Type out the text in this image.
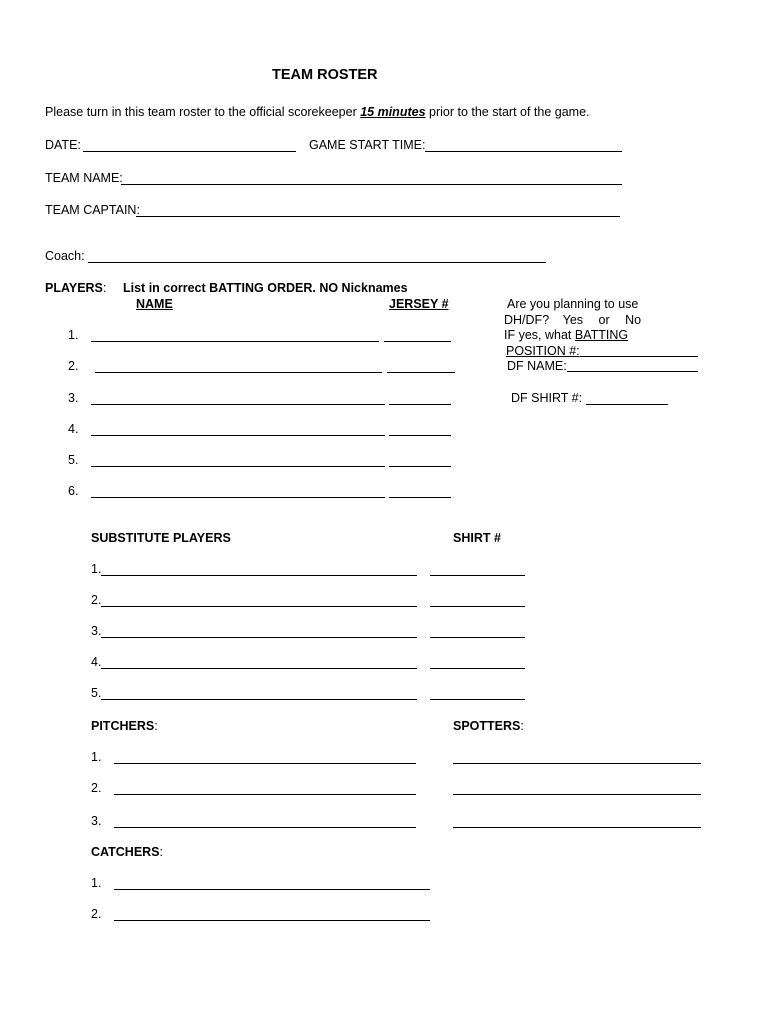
TEAM ROSTER
Please turn in this team roster to the official scorekeeper 15 minutes prior to the start of the game.
DATE:	GAME START TIME:
TEAM NAME:
TEAM CAPTAIN:
Coach:
PLAYERS: List in correct BATTING ORDER. NO Nicknames
NAME	JERSEY #
1.
2.
3.
4.
5.
6.
Are you planning to use
DH/DF? Yes or No
IF yes, what BATTING
POSITION #:
DF NAME:
DF SHIRT #:
SUBSTITUTE PLAYERS	SHIRT #
1.
2.
3.
4.
5.
PITCHERS:	SPOTTERS:
1.
2.
3.
CATCHERS:
1.
2.
